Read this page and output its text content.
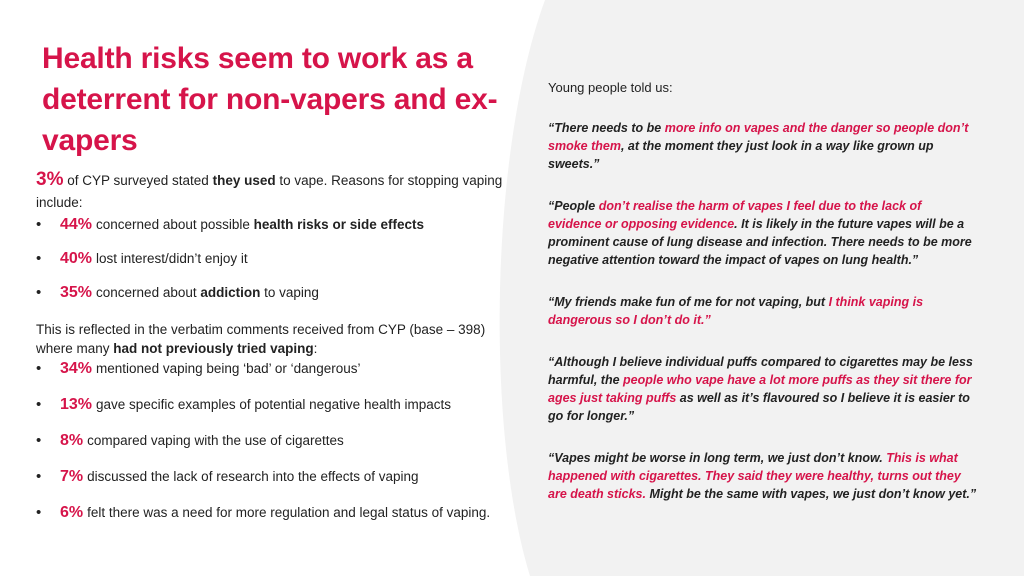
Health risks seem to work as a deterrent for non-vapers and ex-vapers

3% of CYP surveyed stated they used to vape. Reasons for stopping vaping include:

• 44% concerned about possible health risks or side effects
• 40% lost interest/didn’t enjoy it
• 35% concerned about addiction to vaping

This is reflected in the verbatim comments received from CYP (base – 398) where many had not previously tried vaping:

• 34% mentioned vaping being ‘bad’ or ‘dangerous’
• 13% gave specific examples of potential negative health impacts
• 8% compared vaping with the use of cigarettes
• 7% discussed the lack of research into the effects of vaping
• 6% felt there was a need for more regulation and legal status of vaping.

Young people told us:

“There needs to be more info on vapes and the danger so people don’t smoke them, at the moment they just look in a way like grown up sweets.”

“People don’t realise the harm of vapes I feel due to the lack of evidence or opposing evidence. It is likely in the future vapes will be a prominent cause of lung disease and infection. There needs to be more negative attention toward the impact of vapes on lung health.”

“My friends make fun of me for not vaping, but I think vaping is dangerous so I don’t do it.”

“Although I believe individual puffs compared to cigarettes may be less harmful, the people who vape have a lot more puffs as they sit there for ages just taking puffs as well as it’s flavoured so I believe it is easier to go for longer.”

“Vapes might be worse in long term, we just don’t know. This is what happened with cigarettes. They said they were healthy, turns out they are death sticks. Might be the same with vapes, we just don’t know yet.”
